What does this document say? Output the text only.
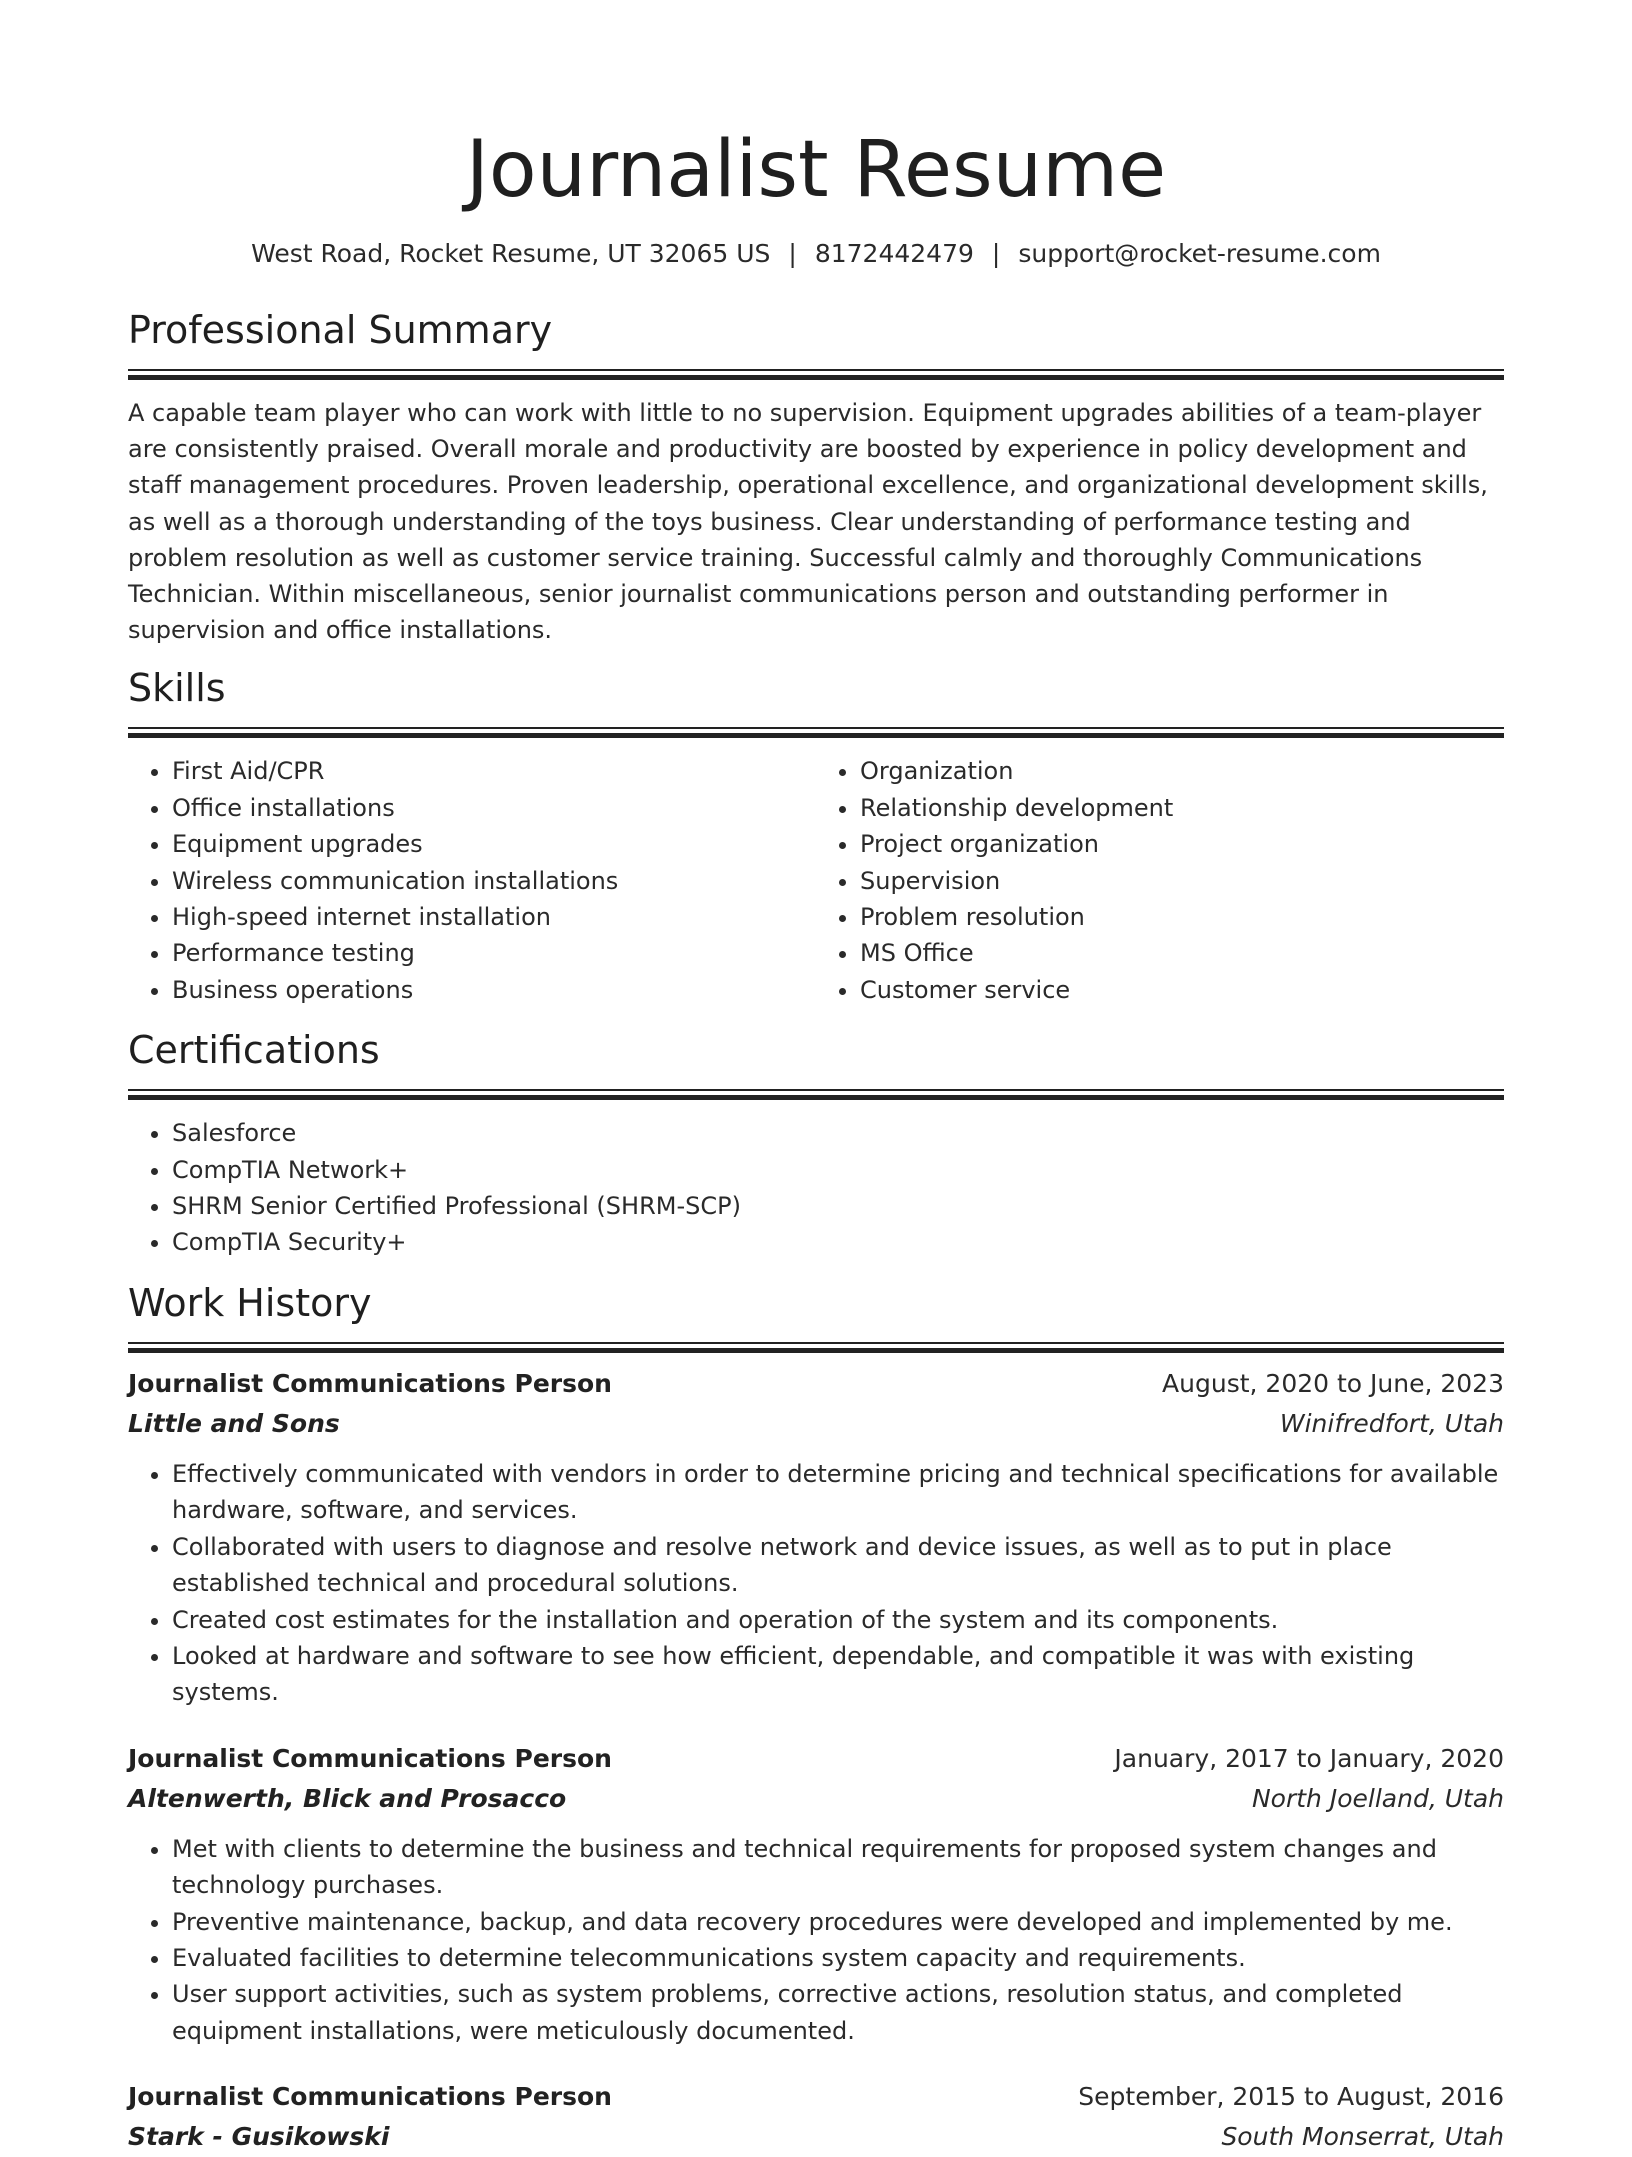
Journalist Resume
West Road, Rocket Resume, UT 32065 US | 8172442479 | support@rocket-resume.com
Professional Summary

A capable team player who can work with little to no supervision. Equipment upgrades abilities of a team-player are consistently praised. Overall morale and productivity are boosted by experience in policy development and staff management procedures. Proven leadership, operational excellence, and organizational development skills, as well as a thorough understanding of the toys business. Clear understanding of performance testing and problem resolution as well as customer service training. Successful calmly and thoroughly Communications Technician. Within miscellaneous, senior journalist communications person and outstanding performer in supervision and office installations.

Skills
• First Aid/CPR
• Office installations
• Equipment upgrades
• Wireless communication installations
• High-speed internet installation
• Performance testing
• Business operations
• Organization
• Relationship development
• Project organization
• Supervision
• Problem resolution
• MS Office
• Customer service
Certifications
• Salesforce
• CompTIA Network+
• SHRM Senior Certified Professional (SHRM-SCP)
• CompTIA Security+
Work History
Journalist Communications Person	August, 2020 to June, 2023
Little and Sons	Winifredfort, Utah
• Effectively communicated with vendors in order to determine pricing and technical specifications for available hardware, software, and services.
• Collaborated with users to diagnose and resolve network and device issues, as well as to put in place established technical and procedural solutions.
• Created cost estimates for the installation and operation of the system and its components.
• Looked at hardware and software to see how efficient, dependable, and compatible it was with existing systems.
Journalist Communications Person	January, 2017 to January, 2020
Altenwerth, Blick and Prosacco	North Joelland, Utah
• Met with clients to determine the business and technical requirements for proposed system changes and technology purchases.
• Preventive maintenance, backup, and data recovery procedures were developed and implemented by me.
• Evaluated facilities to determine telecommunications system capacity and requirements.
• User support activities, such as system problems, corrective actions, resolution status, and completed equipment installations, were meticulously documented.
Journalist Communications Person	September, 2015 to August, 2016
Stark - Gusikowski	South Monserrat, Utah
